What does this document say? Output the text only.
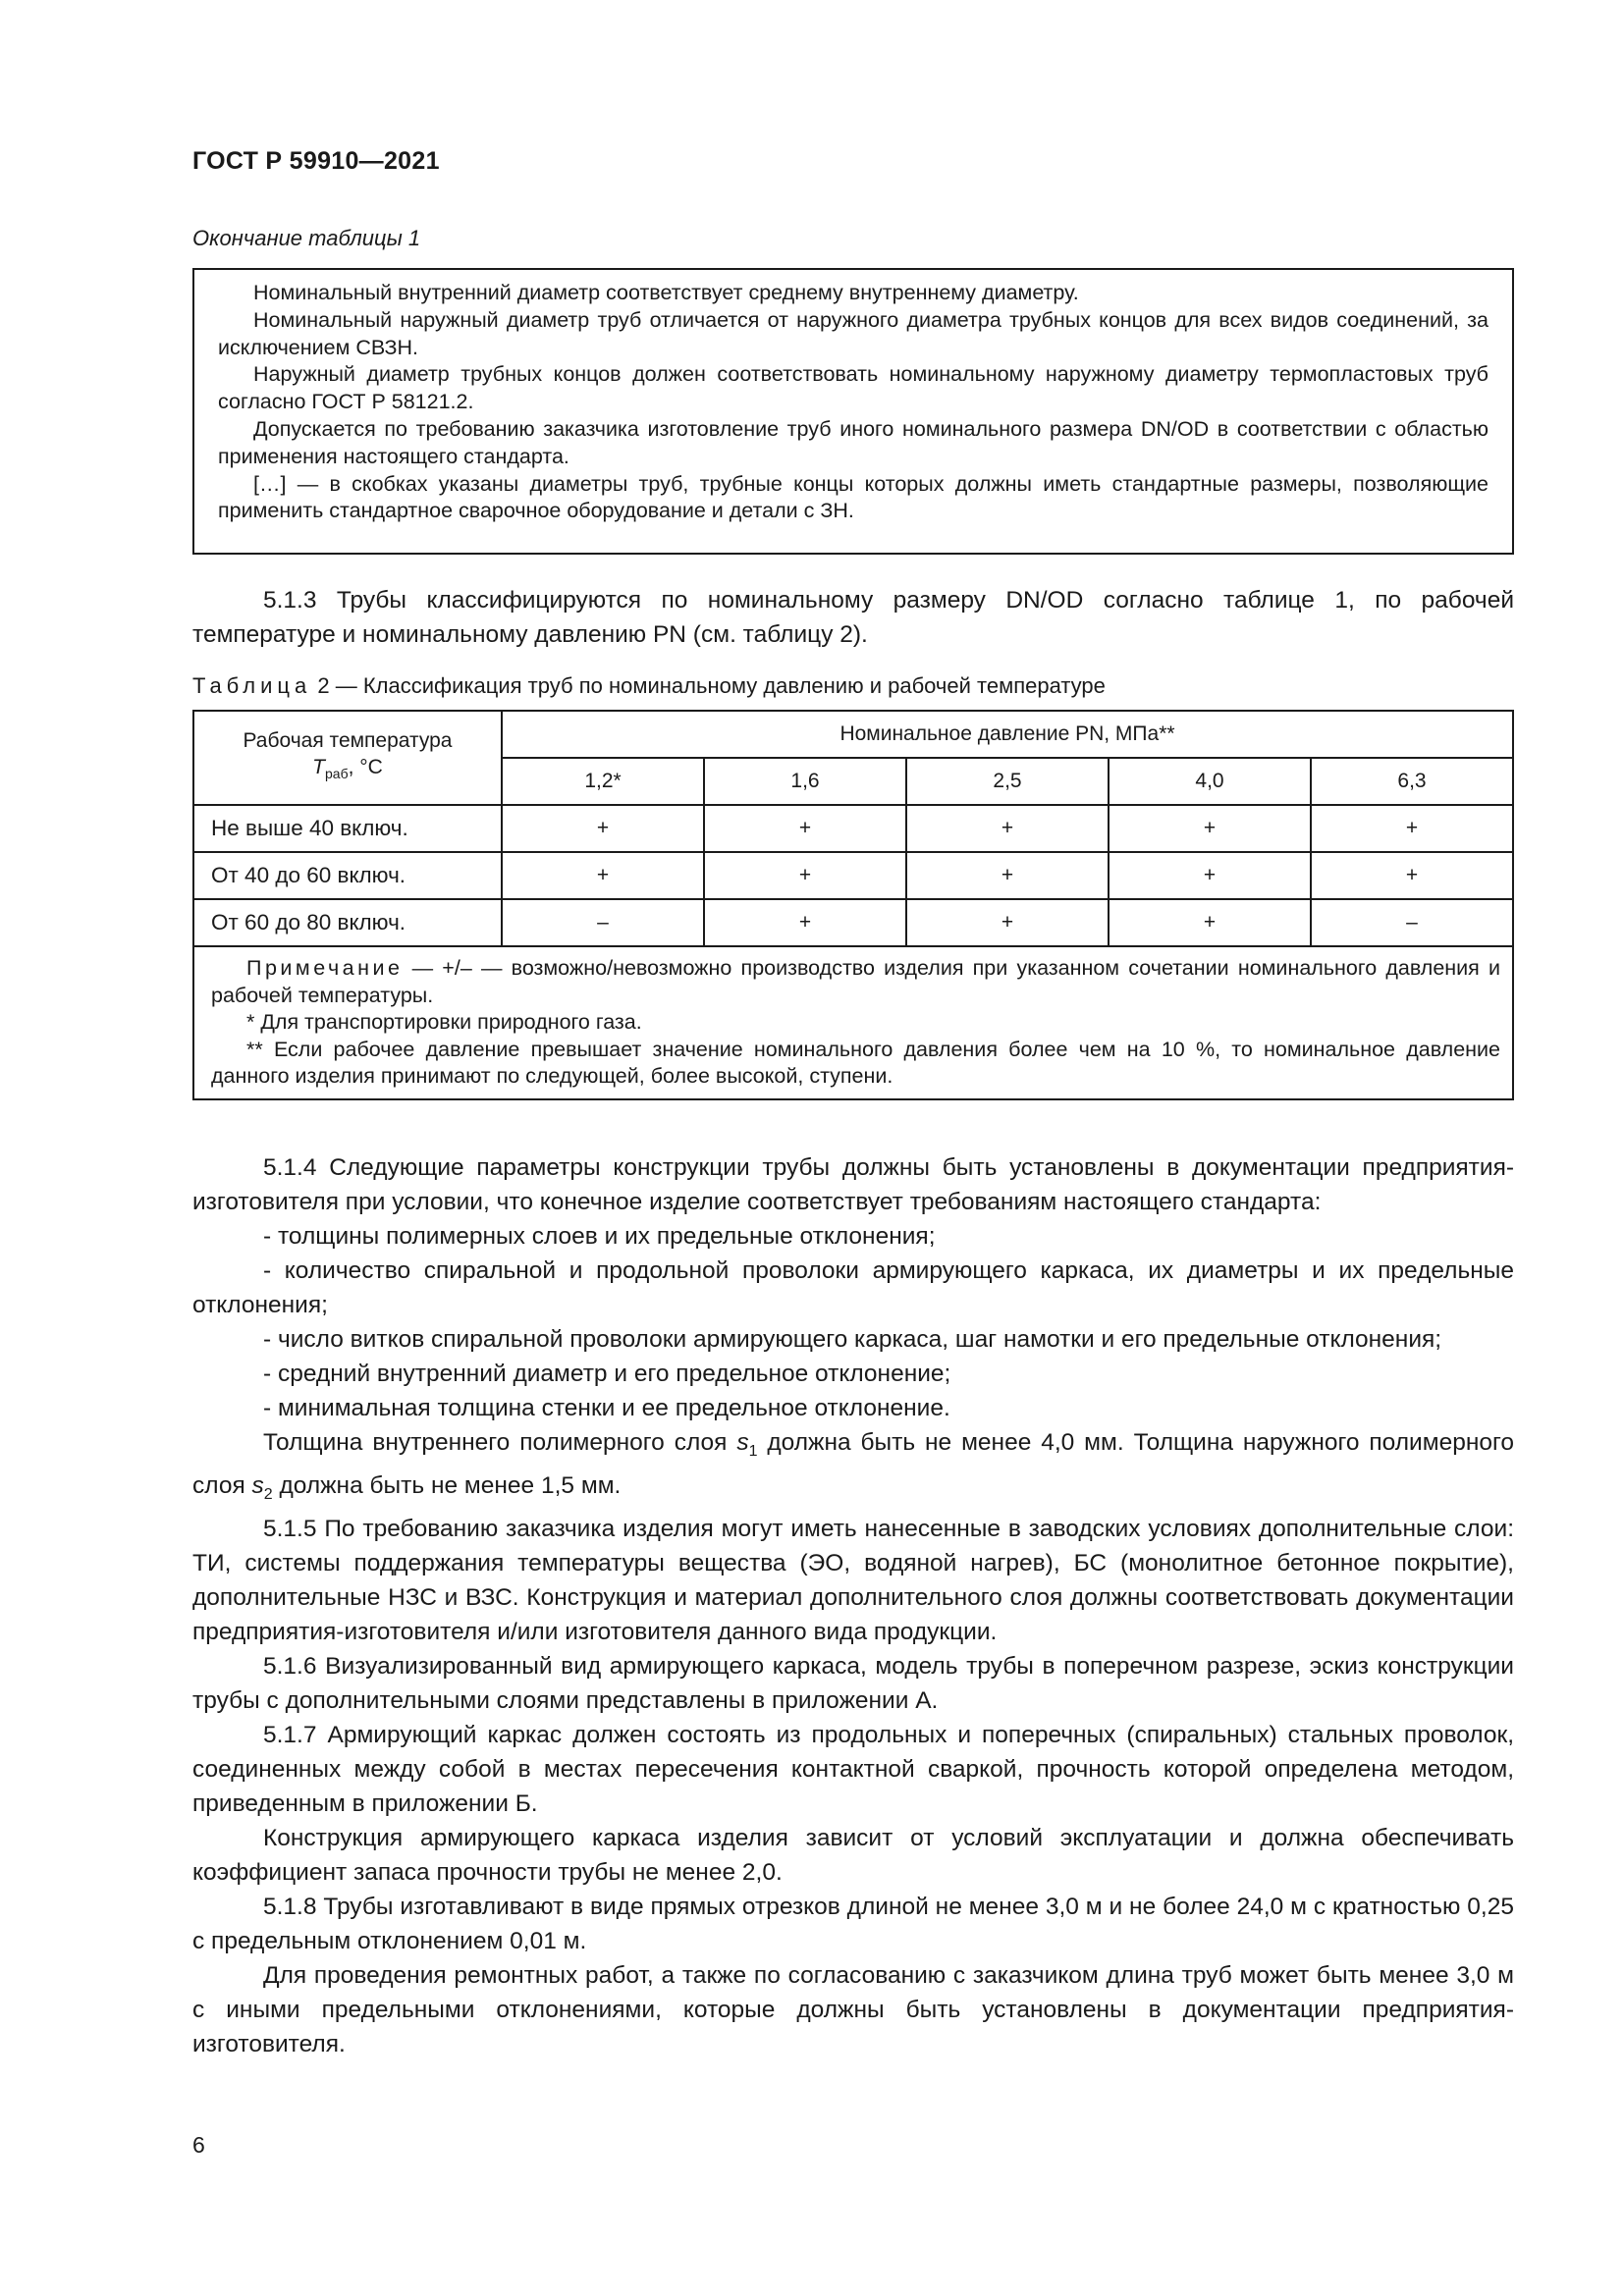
ГОСТ Р 59910—2021
Окончание таблицы 1

Номинальный внутренний диаметр соответствует среднему внутреннему диаметру.

Номинальный наружный диаметр труб отличается от наружного диаметра трубных концов для всех видов соединений, за исключением СВЗН.

Наружный диаметр трубных концов должен соответствовать номинальному наружному диаметру термопластовых труб согласно ГОСТ Р 58121.2.

Допускается по требованию заказчика изготовление труб иного номинального размера DN/OD в соответствии с областью применения настоящего стандарта.

[…] — в скобках указаны диаметры труб, трубные концы которых должны иметь стандартные размеры, позволяющие применить стандартное сварочное оборудование и детали с ЗН.

5.1.3 Трубы классифицируются по номинальному размеру DN/OD согласно таблице 1, по рабочей температуре и номинальному давлению PN (см. таблицу 2).

Таблица 2 — Классификация труб по номинальному давлению и рабочей температуре
Рабочая температура
$T_{раб}$, °С	Номинальное давление PN, МПа**				
	1,2*	1,6	2,5	4,0	6,3
Не выше 40 включ.	+	+	+	+	+
От 40 до 60 включ.	+	+	+	+	+
От 60 до 80 включ.	–	+	+	+	–

Примечание — +/– — возможно/невозможно производство изделия при указанном сочетании номинального давления и рабочей температуры.

* Для транспортировки природного газа.

** Если рабочее давление превышает значение номинального давления более чем на 10 %, то номинальное давление данного изделия принимают по следующей, более высокой, ступени.					

5.1.4 Следующие параметры конструкции трубы должны быть установлены в документации предприятия-изготовителя при условии, что конечное изделие соответствует требованиям настоящего стандарта:

- толщины полимерных слоев и их предельные отклонения;

- количество спиральной и продольной проволоки армирующего каркаса, их диаметры и их предельные отклонения;

- число витков спиральной проволоки армирующего каркаса, шаг намотки и его предельные отклонения;

- средний внутренний диаметр и его предельное отклонение;

- минимальная толщина стенки и ее предельное отклонение.

Толщина внутреннего полимерного слоя $s_1$ должна быть не менее 4,0 мм. Толщина наружного полимерного слоя $s_2$ должна быть не менее 1,5 мм.

5.1.5 По требованию заказчика изделия могут иметь нанесенные в заводских условиях дополнительные слои: ТИ, системы поддержания температуры вещества (ЭО, водяной нагрев), БС (монолитное бетонное покрытие), дополнительные НЗС и ВЗС. Конструкция и материал дополнительного слоя должны соответствовать документации предприятия-изготовителя и/или изготовителя данного вида продукции.

5.1.6 Визуализированный вид армирующего каркаса, модель трубы в поперечном разрезе, эскиз конструкции трубы с дополнительными слоями представлены в приложении А.

5.1.7 Армирующий каркас должен состоять из продольных и поперечных (спиральных) стальных проволок, соединенных между собой в местах пересечения контактной сваркой, прочность которой определена методом, приведенным в приложении Б.

Конструкция армирующего каркаса изделия зависит от условий эксплуатации и должна обеспечивать коэффициент запаса прочности трубы не менее 2,0.

5.1.8 Трубы изготавливают в виде прямых отрезков длиной не менее 3,0 м и не более 24,0 м с кратностью 0,25 с предельным отклонением 0,01 м.

Для проведения ремонтных работ, а также по согласованию с заказчиком длина труб может быть менее 3,0 м с иными предельными отклонениями, которые должны быть установлены в документации предприятия-изготовителя.

6
